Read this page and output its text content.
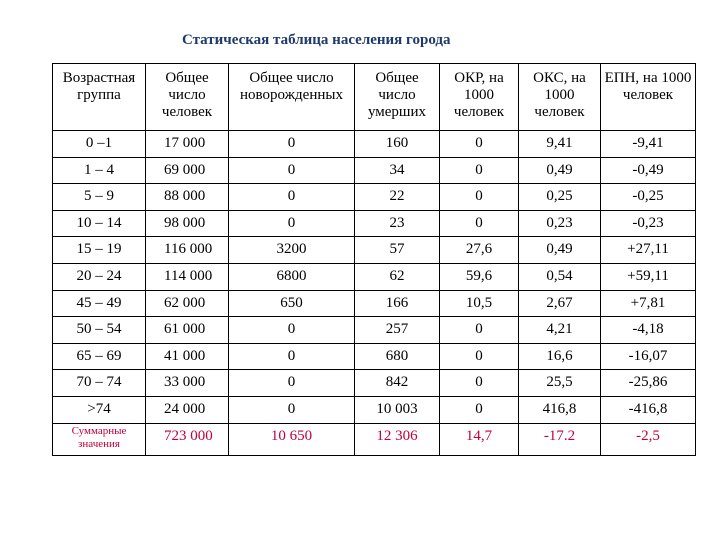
Статическая таблица населения города
Возрастная группа	Общее число человек	Общее число новорожденных	Общее число умерших	ОКР, на 1000 человек	ОКС, на 1000 человек	ЕПН, на 1000 человек
0 –1	17 000	0	160	0	9,41	-9,41
1 – 4	69 000	0	34	0	0,49	-0,49
5 – 9	88 000	0	22	0	0,25	-0,25
10 – 14	98 000	0	23	0	0,23	-0,23
15 – 19	116 000	3200	57	27,6	0,49	+27,11
20 – 24	114 000	6800	62	59,6	0,54	+59,11
45 – 49	62 000	650	166	10,5	2,67	+7,81
50 – 54	61 000	0	257	0	4,21	-4,18
65 – 69	41 000	0	680	0	16,6	-16,07
70 – 74	33 000	0	842	0	25,5	-25,86
>74	24 000	0	10 003	0	416,8	-416,8
Суммарные значения	723 000	10 650	12 306	14,7	-17.2	-2,5
